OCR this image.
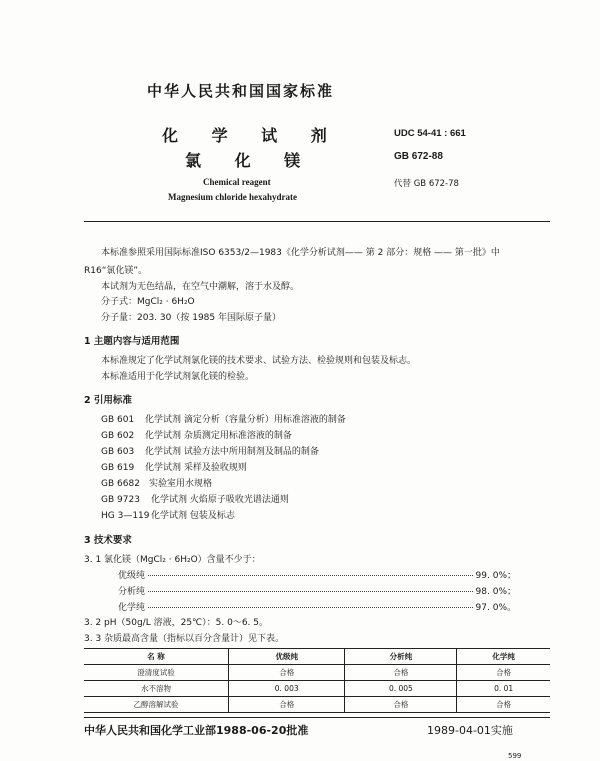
中华人民共和国国家标准
化 学 试 剂
氯 化 镁
Chemical reagent
Magnesium chloride hexahydrate
UDC 54-41 : 661
GB 672-88
代替 GB 672-78
本标准参照采用国际标准ISO 6353/2—1983《化学分析试剂—— 第 2 部分：规格 —— 第一批》中
R16“氯化镁”。
本试剂为无色结晶，在空气中潮解，溶于水及醇。
分子式：MgCl₂ · 6H₂O
分子量：203. 30（按 1985 年国际原子量）
1 主题内容与适用范围
本标准规定了化学试剂氯化镁的技术要求、试验方法、检验规则和包装及标志。
本标准适用于化学试剂氯化镁的检验。
2 引用标准
GB 601 化学试剂 滴定分析（容量分析）用标准溶液的制备
GB 602 化学试剂 杂质测定用标准溶液的制备
GB 603 化学试剂 试验方法中所用制剂及制品的制备
GB 619 化学试剂 采样及验收规则
GB 6682 实验室用水规格
GB 9723 化学试剂 火焰原子吸收光谱法通则
HG 3—119化学试剂 包装及标志
3 技术要求
3. 1 氯化镁（MgCl₂ · 6H₂O）含量不少于：
优级纯	99. 0%；
分析纯	98. 0%；
化学纯	97. 0%。
3. 2 pH（50g/L 溶液，25℃）：5. 0～6. 5。
3. 3 杂质最高含量（指标以百分含量计）见下表。
名 称	优级纯	分析纯	化学纯
澄清度试验	合格	合格	合格
水不溶物	0. 003	0. 005	0. 01
乙醇溶解试验	合格	合格	合格
中华人民共和国化学工业部1988-06-20批准	1989-04-01实施
599
